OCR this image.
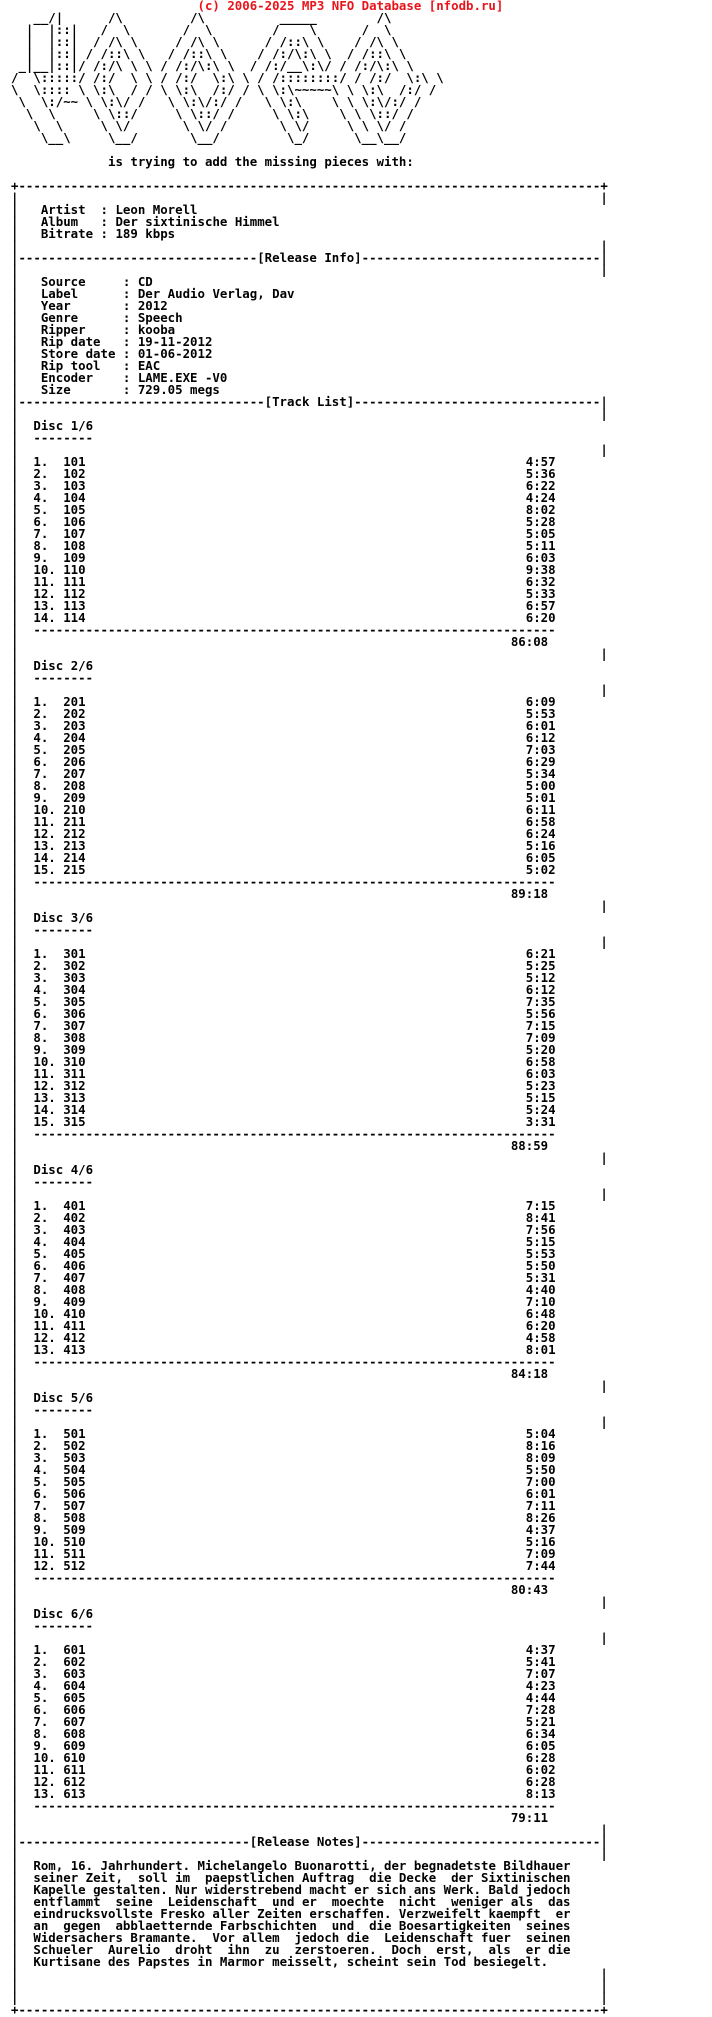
(c) 2006-2025 MP3 NFO Database [nfodb.ru]
__/|      /\         /\          _____        /\
|  |::|   /  \       /  \        /    \      /  \
|  |::|  / /\ \     / /\ \      / /::\ \    / /\ \
|  |::| / /::\ \   / /::\ \    / /:/\:\ \  / /::\ \
_|__|::|/ /:/\ \ \ / /:/\:\ \  / /:/__\:\/ / /:/\:\ \
/  \:::::/ /:/  \ \ / /:/  \:\ \ / /::::::::/ / /:/  \:\ \
\  \:::: \ \:\  / / \ \:\  /:/ / \ \:\~~~~~\ \ \:\  /:/ /
\  \:/~~ \ \:\/ /   \ \:\/:/ /   \ \:\    \ \ \:\/:/ /
\  \     \ \::/     \ \::/ /     \ \:\    \ \ \::/ /
\  \     \ \/       \ \/ /       \ \/     \ \ \/ /
\__\     \__/       \__/         \_/      \__\__/
is trying to add the missing pieces with:
+------------------------------------------------------------------------------+
|                                                                              |
|   Artist  : Leon Morell
|   Album   : Der sixtinische Himmel
|   Bitrate : 189 kbps
|                                                                              |
|--------------------------------[Release Info]--------------------------------|
|                                                                              |
|   Source     : CD
|   Label      : Der Audio Verlag, Dav
|   Year       : 2012
|   Genre      : Speech
|   Ripper     : kooba
|   Rip date   : 19-11-2012
|   Store date : 01-06-2012
|   Rip tool   : EAC
|   Encoder    : LAME.EXE -V0
|   Size       : 729.05 megs
|---------------------------------[Track List]---------------------------------|
|                                                                              |
|  Disc 1/6
|  --------
|                                                                              |
|  1.  101	4:57
|  2.  102	5:36
|  3.  103	6:22
|  4.  104	4:24
|  5.  105	8:02
|  6.  106	5:28
|  7.  107	5:05
|  8.  108	5:11
|  9.  109	6:03
|  10. 110	9:38
|  11. 111	6:32
|  12. 112	5:33
|  13. 113	6:57
|  14. 114	6:20
|  ----------------------------------------------------------------------
|                                                                  86:08
|                                                                              |
|  Disc 2/6
|  --------
|                                                                              |
|  1.  201	6:09
|  2.  202	5:53
|  3.  203	6:01
|  4.  204	6:12
|  5.  205	7:03
|  6.  206	6:29
|  7.  207	5:34
|  8.  208	5:00
|  9.  209	5:01
|  10. 210	6:11
|  11. 211	6:58
|  12. 212	6:24
|  13. 213	5:16
|  14. 214	6:05
|  15. 215	5:02
|  ----------------------------------------------------------------------
|                                                                  89:18
|                                                                              |
|  Disc 3/6
|  --------
|                                                                              |
|  1.  301	6:21
|  2.  302	5:25
|  3.  303	5:12
|  4.  304	6:12
|  5.  305	7:35
|  6.  306	5:56
|  7.  307	7:15
|  8.  308	7:09
|  9.  309	5:20
|  10. 310	6:58
|  11. 311	6:03
|  12. 312	5:23
|  13. 313	5:15
|  14. 314	5:24
|  15. 315	3:31
|  ----------------------------------------------------------------------
|                                                                  88:59
|                                                                              |
|  Disc 4/6
|  --------
|                                                                              |
|  1.  401	7:15
|  2.  402	8:41
|  3.  403	7:56
|  4.  404	5:15
|  5.  405	5:53
|  6.  406	5:50
|  7.  407	5:31
|  8.  408	4:40
|  9.  409	7:10
|  10. 410	6:48
|  11. 411	6:20
|  12. 412	4:58
|  13. 413	8:01
|  ----------------------------------------------------------------------
|                                                                  84:18
|                                                                              |
|  Disc 5/6
|  --------
|                                                                              |
|  1.  501	5:04
|  2.  502	8:16
|  3.  503	8:09
|  4.  504	5:50
|  5.  505	7:00
|  6.  506	6:01
|  7.  507	7:11
|  8.  508	8:26
|  9.  509	4:37
|  10. 510	5:16
|  11. 511	7:09
|  12. 512	7:44
|  ----------------------------------------------------------------------
|                                                                  80:43
|                                                                              |
|  Disc 6/6
|  --------
|                                                                              |
|  1.  601	4:37
|  2.  602	5:41
|  3.  603	7:07
|  4.  604	4:23
|  5.  605	4:44
|  6.  606	7:28
|  7.  607	5:21
|  8.  608	6:34
|  9.  609	6:05
|  10. 610	6:28
|  11. 611	6:02
|  12. 612	6:28
|  13. 613	8:13
|  ----------------------------------------------------------------------
|                                                                  79:11
|                                                                              |
|-------------------------------[Release Notes]--------------------------------|
|                                                                              |
|  Rom, 16. Jahrhundert. Michelangelo Buonarotti, der begnadetste Bildhauer
|  seiner Zeit,  soll im  paepstlichen Auftrag  die Decke  der Sixtinischen
|  Kapelle gestalten. Nur widerstrebend macht er sich ans Werk. Bald jedoch
|  entflammt  seine  Leidenschaft  und er  moechte  nicht  weniger als  das
|  eindrucksvollste Fresko aller Zeiten erschaffen. Verzweifelt kaempft  er
|  an  gegen  abblaetternde Farbschichten  und  die Boesartigkeiten  seines
|  Widersachers Bramante.  Vor allem  jedoch die  Leidenschaft fuer  seinen
|  Schueler  Aurelio  droht  ihn  zu  zerstoeren.  Doch  erst,  als  er die
|  Kurtisane des Papstes in Marmor meisselt, scheint sein Tod besiegelt.
|                                                                              |
|                                                                              |
|                                                                              |
+------------------------------------------------------------------------------+
